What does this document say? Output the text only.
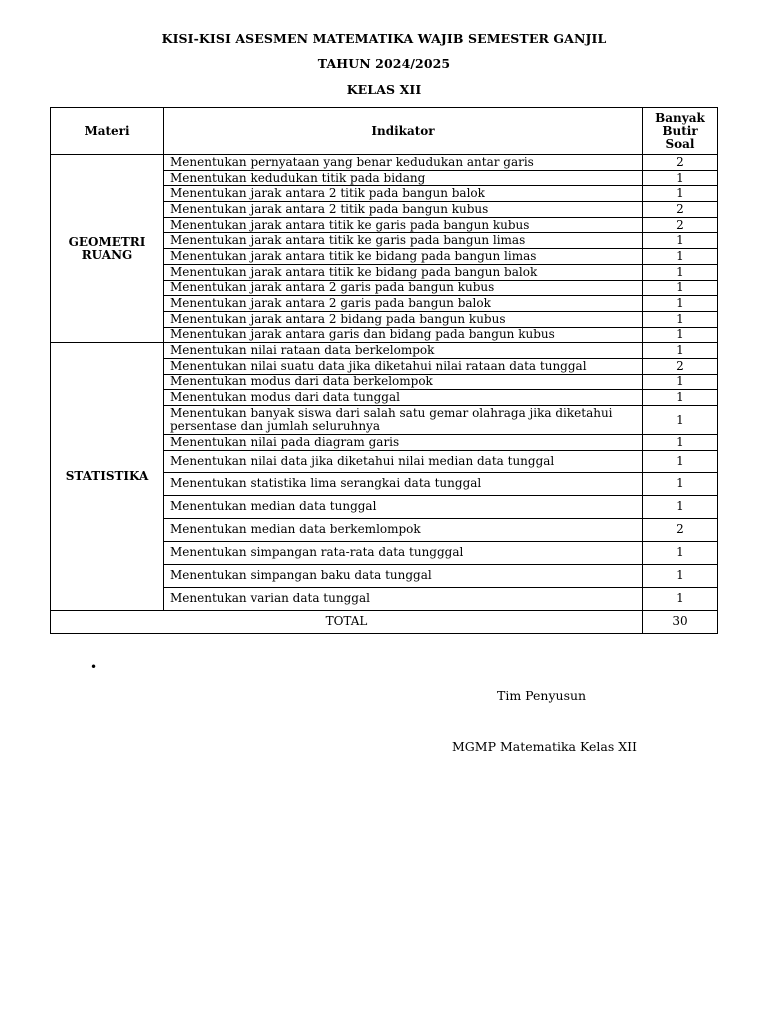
KISI-KISI ASESMEN MATEMATIKA WAJIB SEMESTER GANJIL
TAHUN 2024/2025
KELAS XII
Materi	Indikator	Banyak
Butir
Soal
GEOMETRI
RUANG	Menentukan pernyataan yang benar kedudukan antar garis	2
	Menentukan kedudukan titik pada bidang	1
	Menentukan jarak antara 2 titik pada bangun balok	1
	Menentukan jarak antara 2 titik pada bangun kubus	2
	Menentukan jarak antara titik ke garis pada bangun kubus	2
	Menentukan jarak antara titik ke garis pada bangun limas	1
	Menentukan jarak antara titik ke bidang pada bangun limas	1
	Menentukan jarak antara titik ke bidang pada bangun balok	1
	Menentukan jarak antara 2 garis pada bangun kubus	1
	Menentukan jarak antara 2 garis pada bangun balok	1
	Menentukan jarak antara 2 bidang pada bangun kubus	1
	Menentukan jarak antara garis dan bidang pada bangun kubus	1
STATISTIKA	Menentukan nilai rataan data berkelompok	1
	Menentukan nilai suatu data jika diketahui nilai rataan data tunggal	2
	Menentukan modus dari data berkelompok	1
	Menentukan modus dari data tunggal	1
	Menentukan banyak siswa dari salah satu gemar olahraga jika diketahui persentase dan jumlah seluruhnya	1
	Menentukan nilai pada diagram garis	1
	Menentukan nilai data jika diketahui nilai median data tunggal	1
	Menentukan statistika lima serangkai data tunggal	1
	Menentukan median data tunggal	1
	Menentukan median data berkemlompok	2
	Menentukan simpangan rata-rata data tungggal	1
	Menentukan simpangan baku data tunggal	1
	Menentukan varian data tunggal	1
TOTAL		30
•
Tim Penyusun
MGMP Matematika Kelas XII
